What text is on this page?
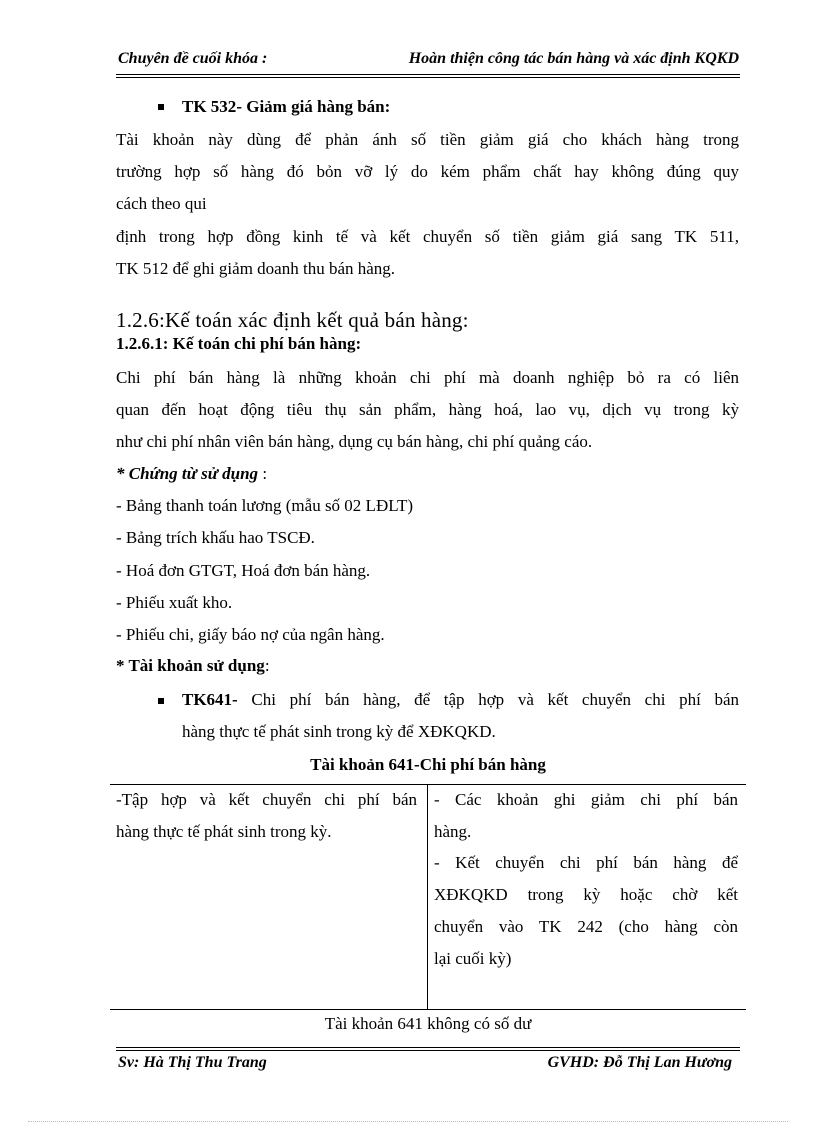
Chuyên đề cuối khóa :	Hoàn thiện công tác bán hàng và xác định KQKD
TK 532- Giảm giá hàng bán:
Tài khoản này dùng để phản ánh số tiền giảm giá cho khách hàng trong
trường hợp số hàng đó bỏn vỡ lý do kém phẩm chất hay không đúng quy
cách theo qui
định trong hợp đồng kinh tế và kết chuyển số tiền giảm giá sang TK 511,
TK 512 để ghi giảm doanh thu bán hàng.
1.2.6:Kế toán xác định kết quả bán hàng:
1.2.6.1: Kế toán chi phí bán hàng:
Chi phí bán hàng là những khoản chi phí mà doanh nghiệp bỏ ra có liên
quan đến hoạt động tiêu thụ sản phẩm, hàng hoá, lao vụ, dịch vụ trong kỳ
như chi phí nhân viên bán hàng, dụng cụ bán hàng, chi phí quảng cáo.
* Chứng từ sử dụng :
- Bảng thanh toán lương (mẫu số 02 LĐLT)
- Bảng trích khấu hao TSCĐ.
- Hoá đơn GTGT, Hoá đơn bán hàng.
- Phiếu xuất kho.
- Phiếu chi, giấy báo nợ của ngân hàng.
* Tài khoản sử dụng:
TK641- Chi phí bán hàng, để tập hợp và kết chuyển chi phí bán
hàng thực tế phát sinh trong kỳ để XĐKQKD.
Tài khoản 641-Chi phí bán hàng
-Tập hợp và kết chuyển chi phí bán
hàng thực tế phát sinh trong kỳ.
- Các khoản ghi giảm chi phí bán
hàng.
- Kết chuyển chi phí bán hàng để
XĐKQKD trong kỳ hoặc chờ kết
chuyển vào TK 242 (cho hàng còn
lại cuối kỳ)
Tài khoản 641 không có số dư
Sv: Hà Thị Thu Trang	GVHD: Đỗ Thị Lan Hương
